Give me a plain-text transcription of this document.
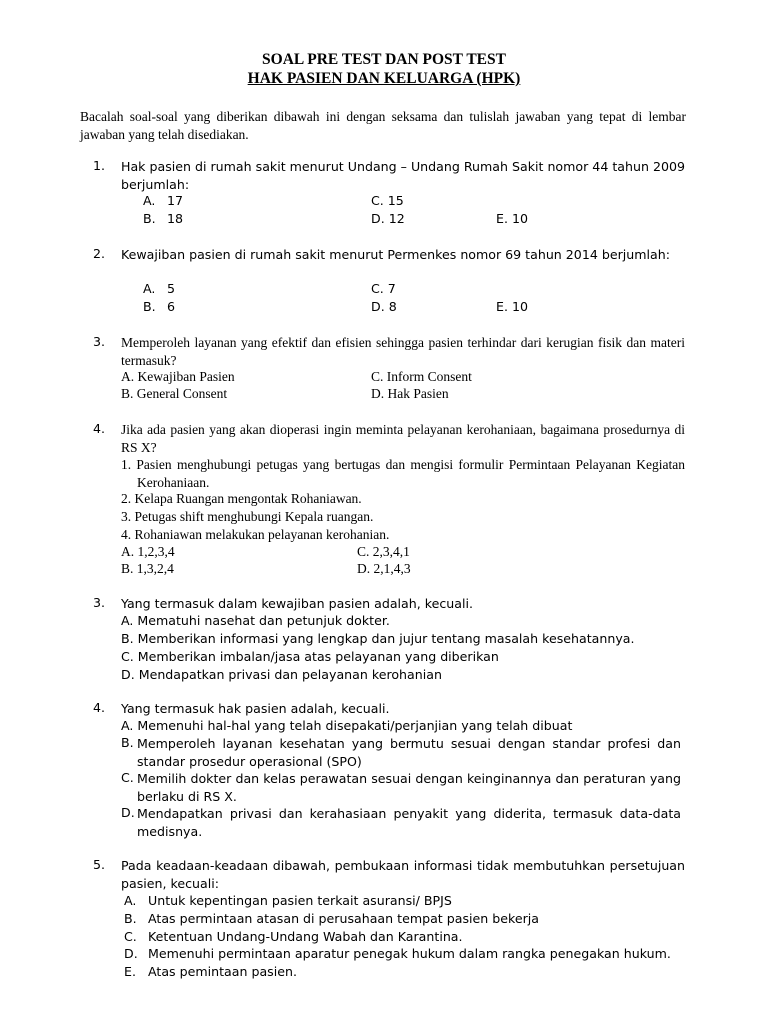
SOAL PRE TEST DAN POST TEST
HAK PASIEN DAN KELUARGA (HPK)
Bacalah soal-soal yang diberikan dibawah ini dengan seksama dan tulislah jawaban yang tepat di lembar jawaban yang telah disediakan.
1. Hak pasien di rumah sakit menurut Undang – Undang Rumah Sakit nomor 44 tahun 2009 berjumlah:
A. 17
B. 18
C. 15
D. 12	E. 10
2. Kewajiban pasien di rumah sakit menurut Permenkes nomor 69 tahun 2014 berjumlah:
A. 5
B. 6
C. 7
D. 8	E. 10
3. Memperoleh layanan yang efektif dan efisien sehingga pasien terhindar dari kerugian fisik dan materi termasuk?
A. Kewajiban Pasien
B. General Consent
C. Inform Consent
D. Hak Pasien
4. Jika ada pasien yang akan dioperasi ingin meminta pelayanan kerohaniaan, bagaimana prosedurnya di RS X?
1. Pasien menghubungi petugas yang bertugas dan mengisi formulir Permintaan Pelayanan Kegiatan Kerohaniaan.
2. Kelapa Ruangan mengontak Rohaniawan.
3. Petugas shift menghubungi Kepala ruangan.
4. Rohaniawan melakukan pelayanan kerohanian.
A. 1,2,3,4
B. 1,3,2,4
C. 2,3,4,1
D. 2,1,4,3
3. Yang termasuk dalam kewajiban pasien adalah, kecuali.
A. Mematuhi nasehat dan petunjuk dokter.
B. Memberikan informasi yang lengkap dan jujur tentang masalah kesehatannya.
C. Memberikan imbalan/jasa atas pelayanan yang diberikan
D. Mendapatkan privasi dan pelayanan kerohanian
4. Yang termasuk hak pasien adalah, kecuali.
A. Memenuhi hal-hal yang telah disepakati/perjanjian yang telah dibuat
B. Memperoleh layanan kesehatan yang bermutu sesuai dengan standar profesi dan standar prosedur operasional (SPO)
C. Memilih dokter dan kelas perawatan sesuai dengan keinginannya dan peraturan yang berlaku di RS X.
D. Mendapatkan privasi dan kerahasiaan penyakit yang diderita, termasuk data-data medisnya.
5. Pada keadaan-keadaan dibawah, pembukaan informasi tidak membutuhkan persetujuan pasien, kecuali:
A. Untuk kepentingan pasien terkait asuransi/ BPJS
B. Atas permintaan atasan di perusahaan tempat pasien bekerja
C. Ketentuan Undang-Undang Wabah dan Karantina.
D. Memenuhi permintaan aparatur penegak hukum dalam rangka penegakan hukum.
E. Atas pemintaan pasien.
